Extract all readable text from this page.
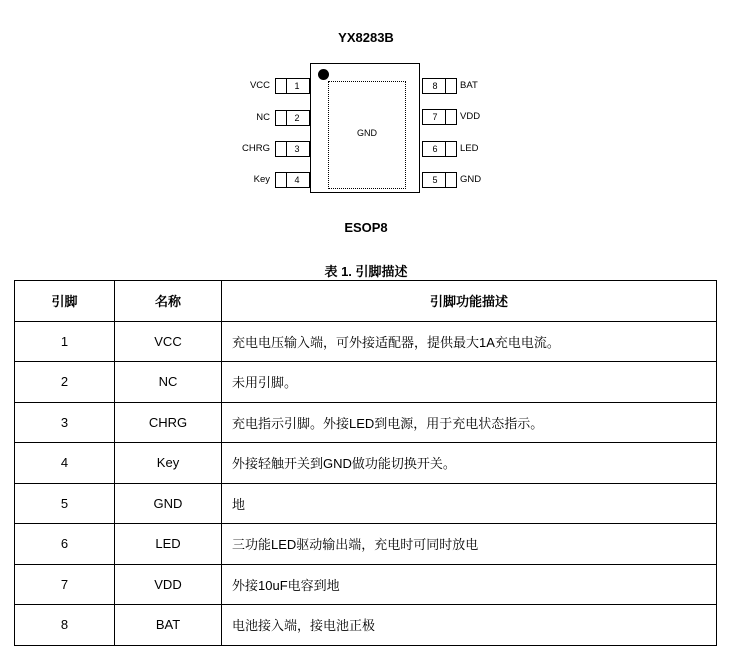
YX8283B
GND
VCC	1
NC	2
CHRG	3
Key	4
8	BAT
7	VDD
6	LED
5	GND
ESOP8
表 1. 引脚描述
引脚	名称	引脚功能描述
1	VCC	充电电压输入端，可外接适配器，提供最大1A充电电流。
2	NC	未用引脚。
3	CHRG	充电指示引脚。外接LED到电源，用于充电状态指示。
4	Key	外接轻触开关到GND做功能切换开关。
5	GND	地
6	LED	三功能LED驱动输出端，充电时可同时放电
7	VDD	外接10uF电容到地
8	BAT	电池接入端，接电池正极
